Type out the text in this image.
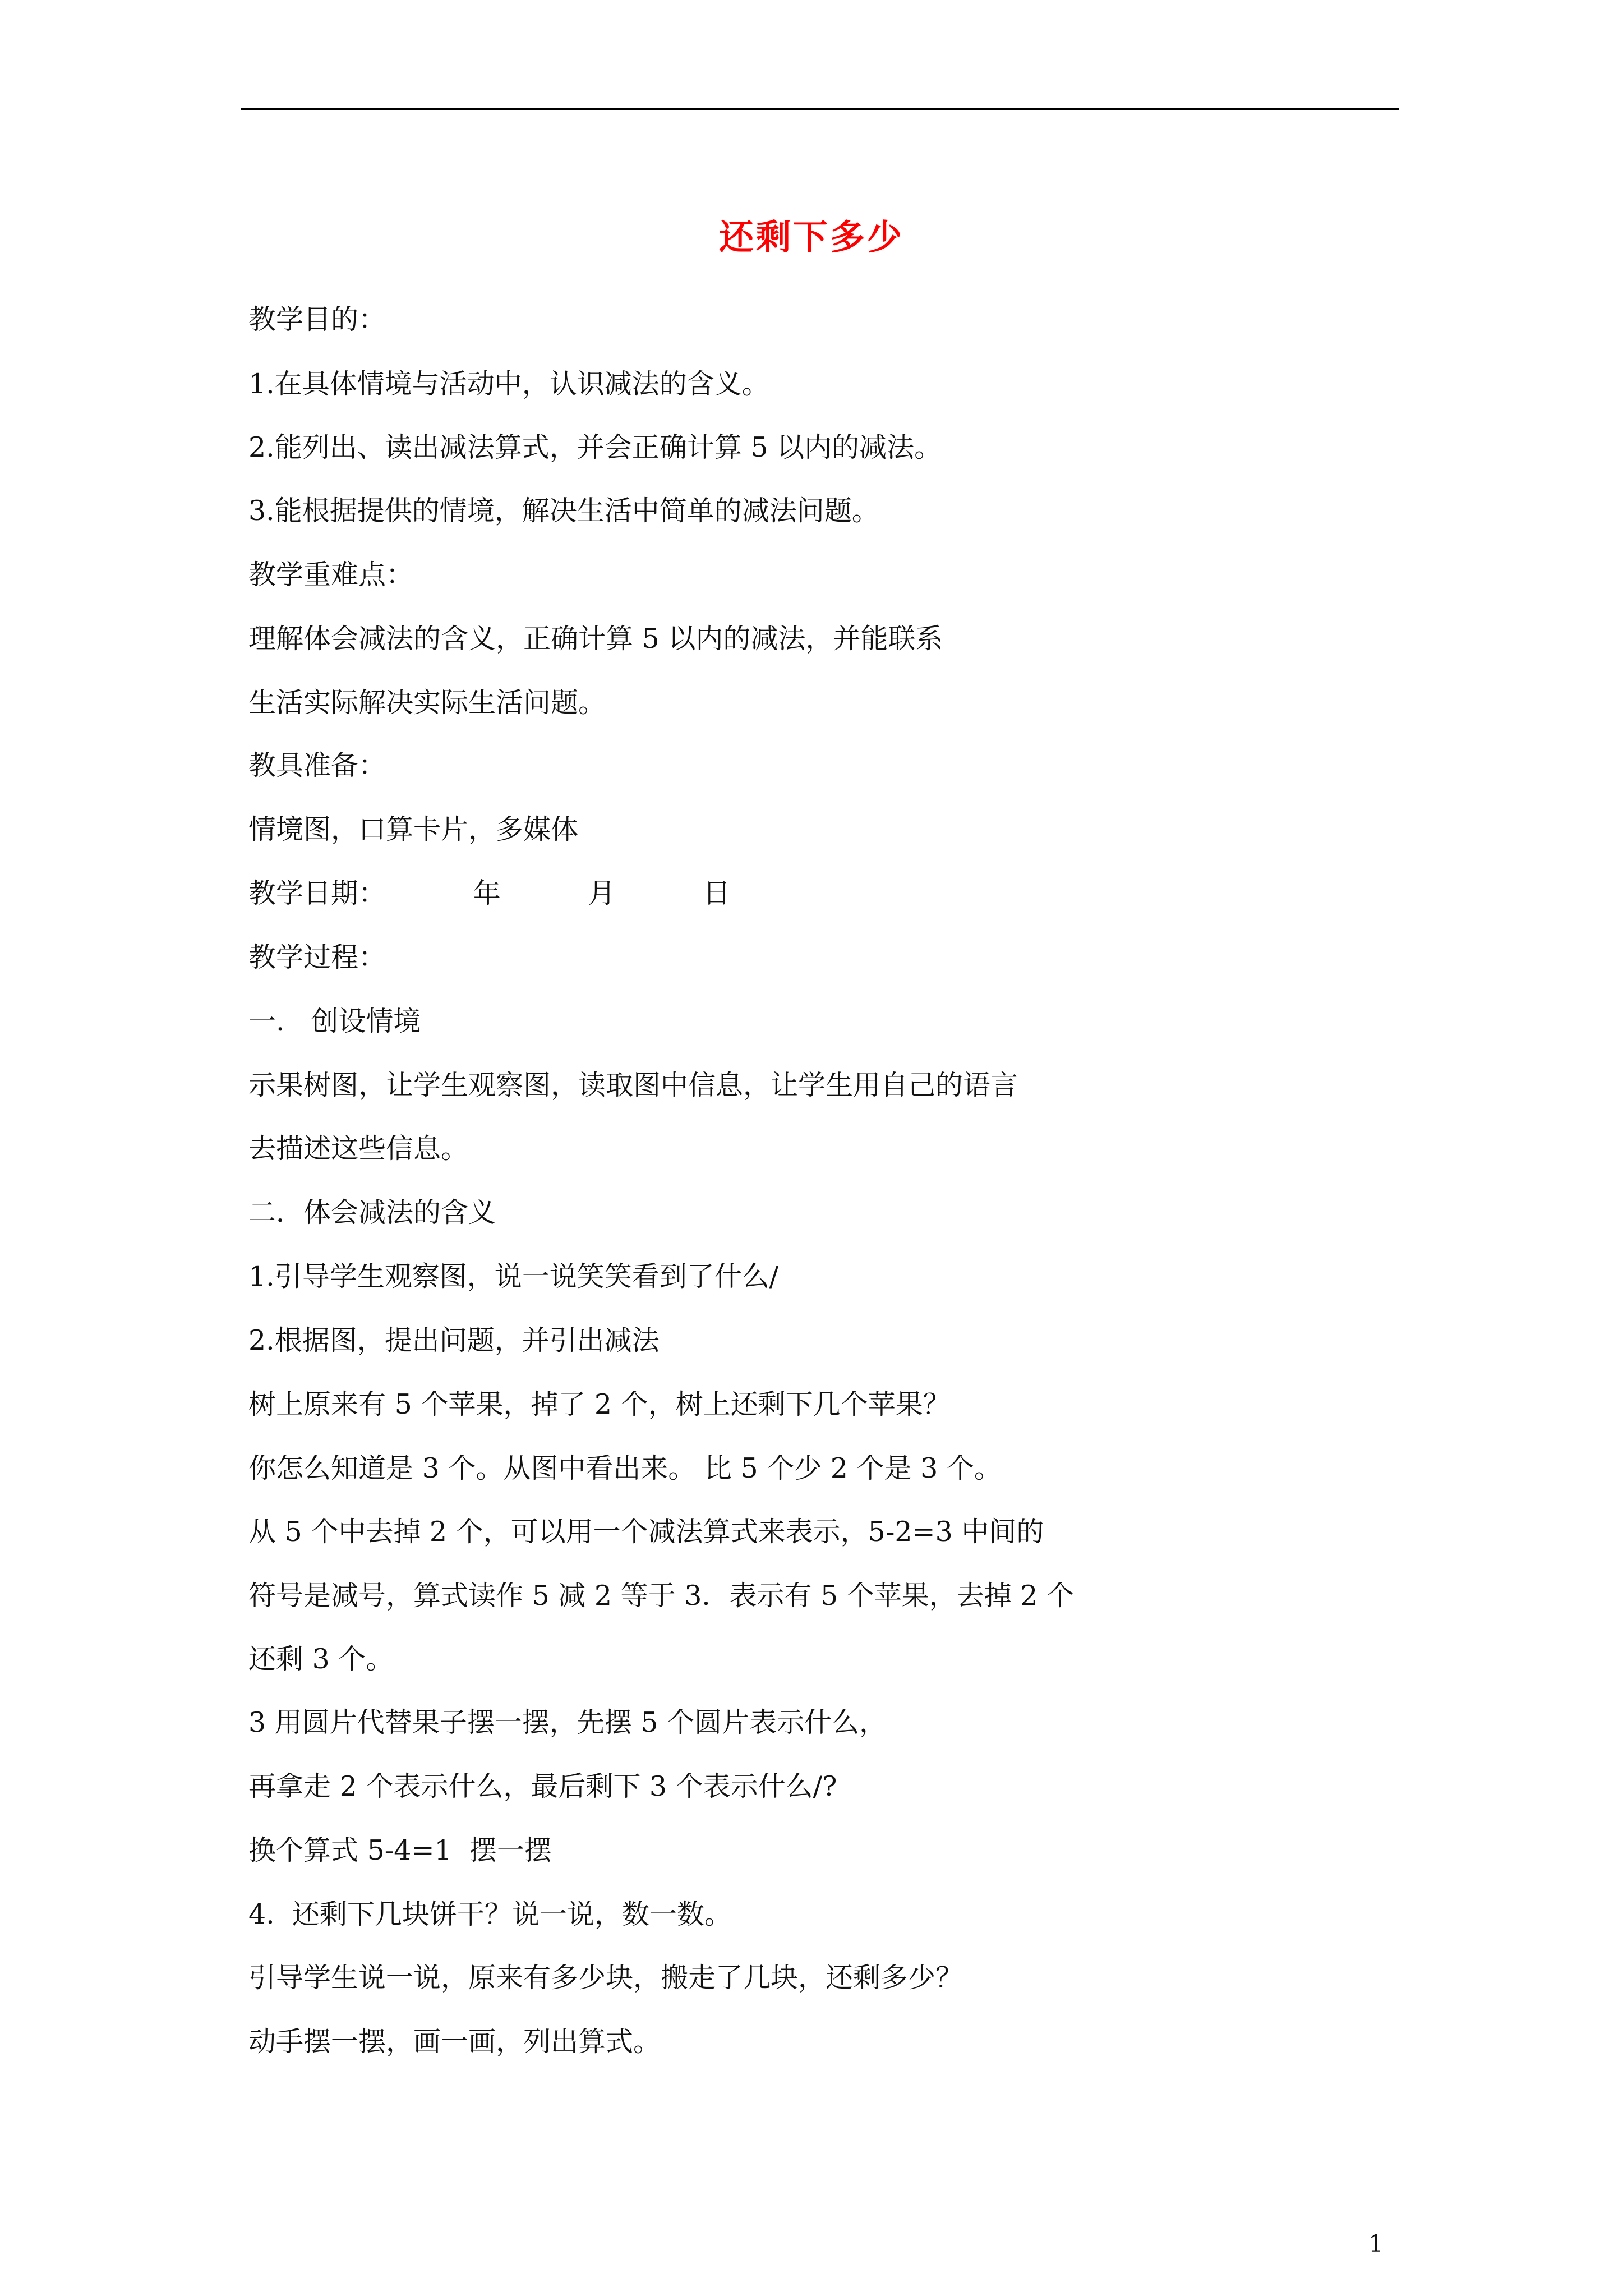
还剩下多少
教学目的：
1.在具体情境与活动中，认识减法的含义。
2.能列出、读出减法算式，并会正确计算 5 以内的减法。
3.能根据提供的情境，解决生活中简单的减法问题。
教学重难点：
理解体会减法的含义，正确计算 5 以内的减法，并能联系
生活实际解决实际生活问题。
教具准备：
情境图，口算卡片，多媒体
教学日期：          年          月          日
教学过程：
一.   创设情境
示果树图，让学生观察图，读取图中信息，让学生用自己的语言
去描述这些信息。
二．体会减法的含义
1.引导学生观察图，说一说笑笑看到了什么/
2.根据图，提出问题，并引出减法
树上原来有 5 个苹果，掉了 2 个，树上还剩下几个苹果？
你怎么知道是 3 个。从图中看出来。 比 5 个少 2 个是 3 个。
从 5 个中去掉 2 个，可以用一个减法算式来表示，5-2=3 中间的
符号是减号，算式读作 5 减 2 等于 3．表示有 5 个苹果，去掉 2 个
还剩 3 个。
3 用圆片代替果子摆一摆，先摆 5 个圆片表示什么，
再拿走 2 个表示什么，最后剩下 3 个表示什么/?
换个算式 5-4=1  摆一摆
4.  还剩下几块饼干？说一说，数一数。
引导学生说一说，原来有多少块，搬走了几块，还剩多少？
动手摆一摆，画一画，列出算式。
1
